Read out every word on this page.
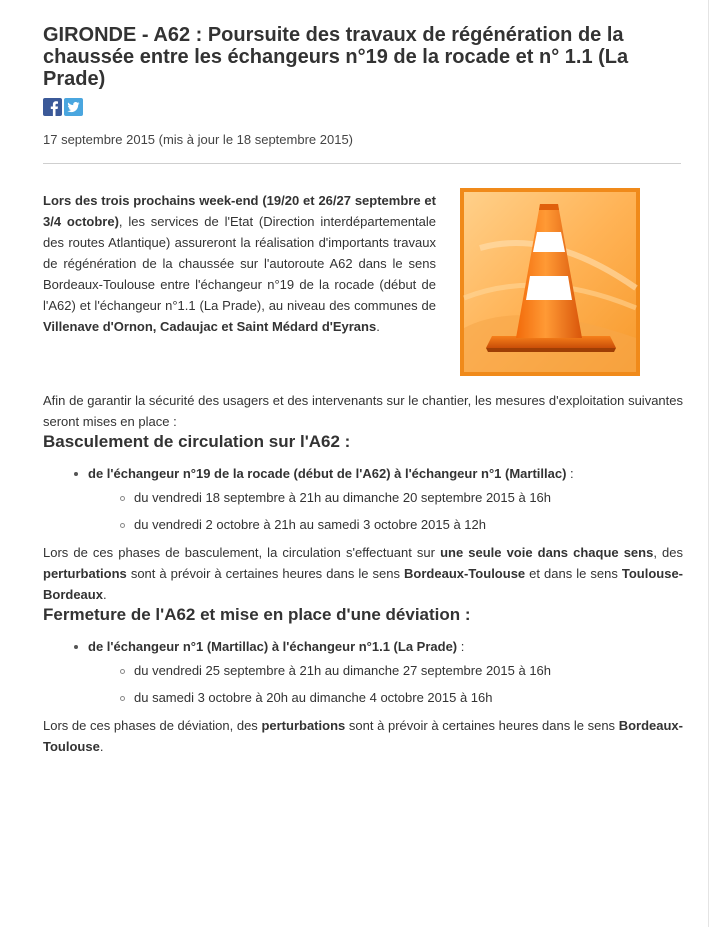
GIRONDE - A62 : Poursuite des travaux de régénération de la chaussée entre les échangeurs n°19 de la rocade et n° 1.1 (La Prade)
17 septembre 2015 (mis à jour le 18 septembre 2015)

Lors des trois prochains week-end (19/20 et 26/27 septembre et 3/4 octobre), les services de l'Etat (Direction interdépartementale des routes Atlantique) assureront la réalisation d'importants travaux de régénération de la chaussée sur l'autoroute A62 dans le sens Bordeaux-Toulouse entre l'échangeur n°19 de la rocade (début de l'A62) et l'échangeur n°1.1 (La Prade), au niveau des communes de Villenave d'Ornon, Cadaujac et Saint Médard d'Eyrans.

Afin de garantir la sécurité des usagers et des intervenants sur le chantier, les mesures d'exploitation suivantes seront mises en place :

Basculement de circulation sur l'A62 :
de l'échangeur n°19 de la rocade (début de l'A62) à l'échangeur n°1 (Martillac) :
du vendredi 18 septembre à 21h au dimanche 20 septembre 2015 à 16h
du vendredi 2 octobre à 21h au samedi 3 octobre 2015 à 12h

Lors de ces phases de basculement, la circulation s'effectuant sur une seule voie dans chaque sens, des perturbations sont à prévoir à certaines heures dans le sens Bordeaux-Toulouse et dans le sens Toulouse-Bordeaux.

Fermeture de l'A62 et mise en place d'une déviation :
de l'échangeur n°1 (Martillac) à l'échangeur n°1.1 (La Prade) :
du vendredi 25 septembre à 21h au dimanche 27 septembre 2015 à 16h
du samedi 3 octobre à 20h au dimanche 4 octobre 2015 à 16h

Lors de ces phases de déviation, des perturbations sont à prévoir à certaines heures dans le sens Bordeaux-Toulouse.
